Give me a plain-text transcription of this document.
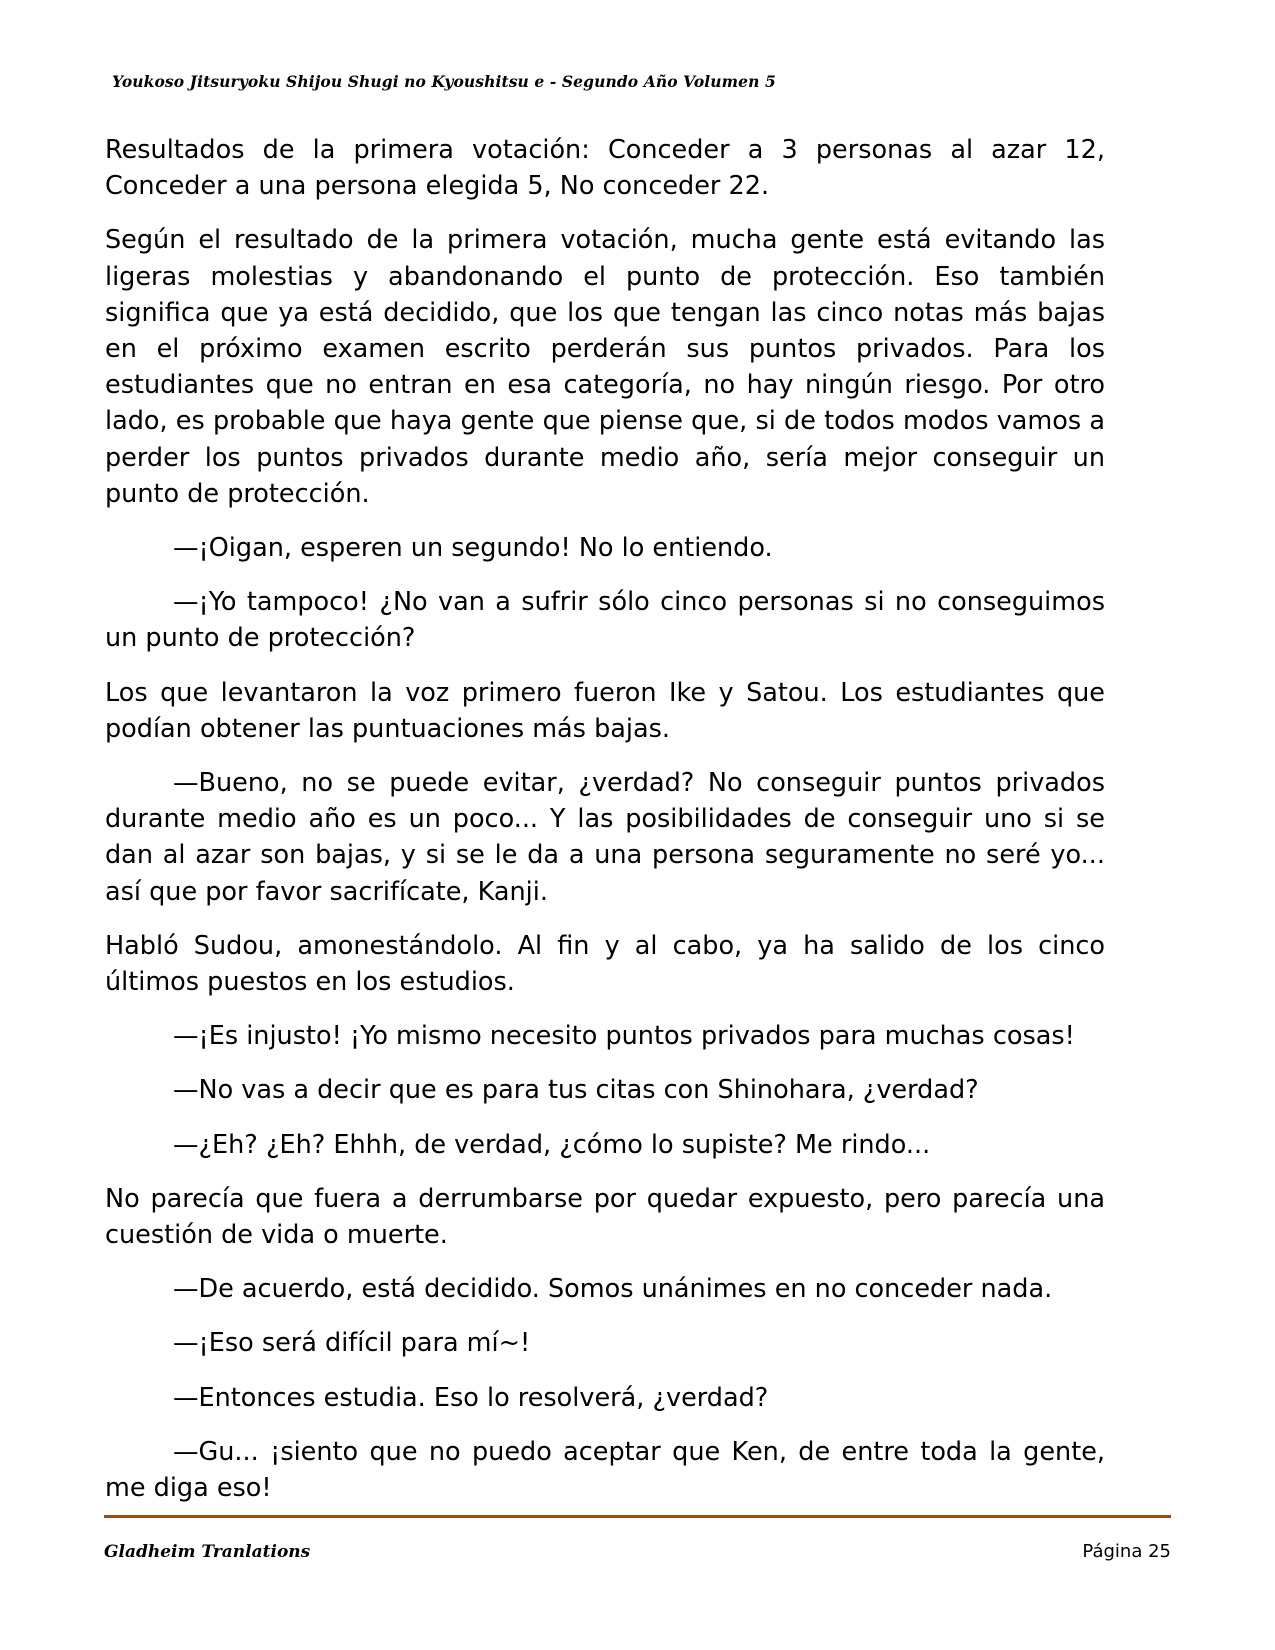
Youkoso Jitsuryoku Shijou Shugi no Kyoushitsu e - Segundo Año Volumen 5

Resultados de la primera votación: Conceder a 3 personas al azar 12, Conceder a una persona elegida 5, No conceder 22.

Según el resultado de la primera votación, mucha gente está evitando las ligeras molestias y abandonando el punto de protección. Eso también significa que ya está decidido, que los que tengan las cinco notas más bajas en el próximo examen escrito perderán sus puntos privados. Para los estudiantes que no entran en esa categoría, no hay ningún riesgo. Por otro lado, es probable que haya gente que piense que, si de todos modos vamos a perder los puntos privados durante medio año, sería mejor conseguir un punto de protección.

—¡Oigan, esperen un segundo! No lo entiendo.

—¡Yo tampoco! ¿No van a sufrir sólo cinco personas si no conseguimos un punto de protección?

Los que levantaron la voz primero fueron Ike y Satou. Los estudiantes que podían obtener las puntuaciones más bajas.

—Bueno, no se puede evitar, ¿verdad? No conseguir puntos privados durante medio año es un poco... Y las posibilidades de conseguir uno si se dan al azar son bajas, y si se le da a una persona seguramente no seré yo... así que por favor sacrifícate, Kanji.

Habló Sudou, amonestándolo. Al fin y al cabo, ya ha salido de los cinco últimos puestos en los estudios.

—¡Es injusto! ¡Yo mismo necesito puntos privados para muchas cosas!

—No vas a decir que es para tus citas con Shinohara, ¿verdad?

—¿Eh? ¿Eh? Ehhh, de verdad, ¿cómo lo supiste? Me rindo...

No parecía que fuera a derrumbarse por quedar expuesto, pero parecía una cuestión de vida o muerte.

—De acuerdo, está decidido. Somos unánimes en no conceder nada.

—¡Eso será difícil para mí~!

—Entonces estudia. Eso lo resolverá, ¿verdad?

—Gu... ¡siento que no puedo aceptar que Ken, de entre toda la gente, me diga eso!

Gladheim Tranlations	Página 25
